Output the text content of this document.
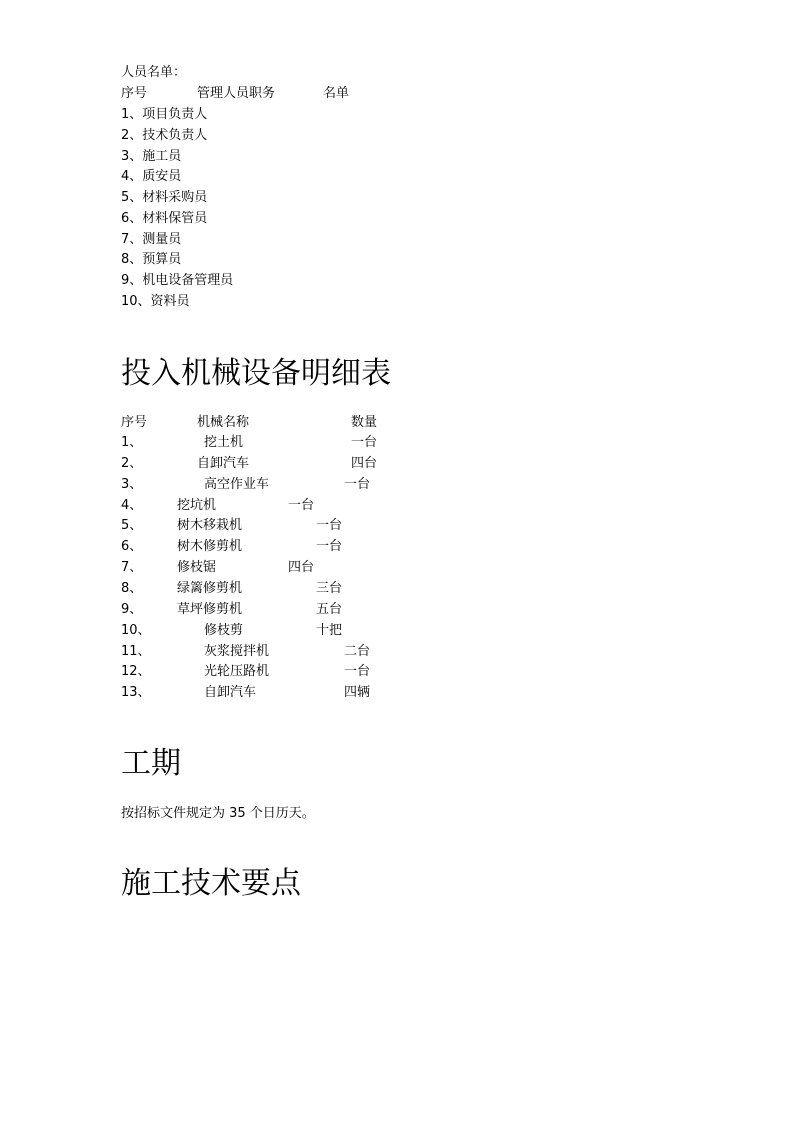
人员名单：
序号	管理人员职务	名单
1、项目负责人
2、技术负责人
3、施工员
4、质安员
5、材料采购员
6、材料保管员
7、测量员
8、预算员
9、机电设备管理员
10、资料员
投入机械设备明细表
序号	机械名称	数量
1、	挖土机	一台
2、	自卸汽车	四台
3、	高空作业车	一台
4、	挖坑机	一台
5、	树木移栽机	一台
6、	树木修剪机	一台
7、	修枝锯	四台
8、	绿篱修剪机	三台
9、	草坪修剪机	五台
10、	修枝剪	十把
11、	灰浆搅拌机	二台
12、	光轮压路机	一台
13、	自卸汽车	四辆
工期
按招标文件规定为 35 个日历天。
施工技术要点
